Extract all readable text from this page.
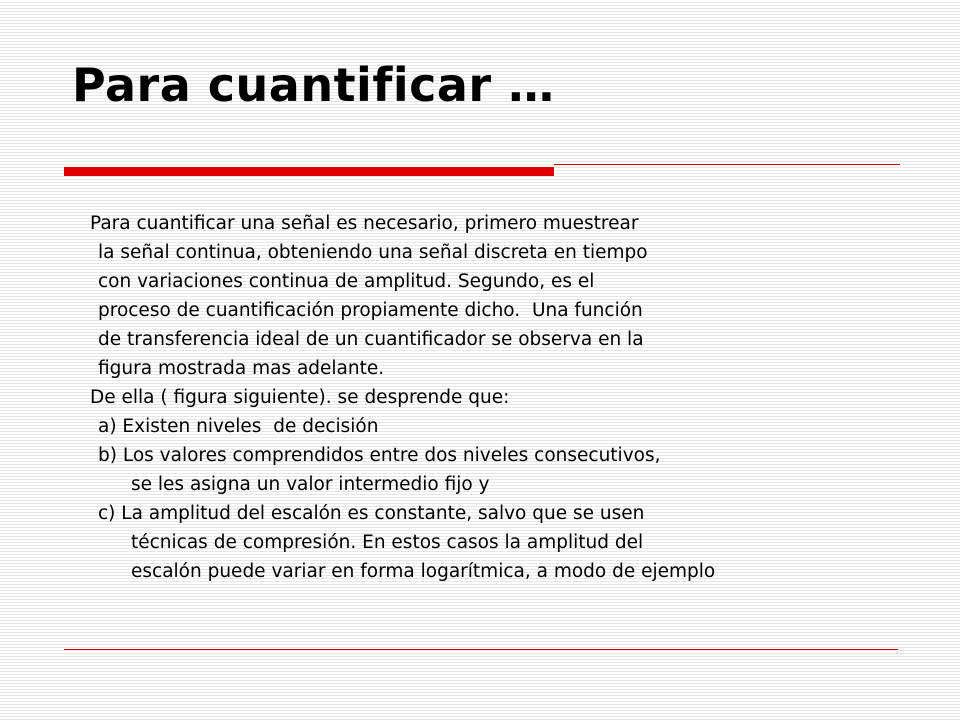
Para cuantificar …
Para cuantificar una señal es necesario, primero muestrear
la señal continua, obteniendo una señal discreta en tiempo
con variaciones continua de amplitud. Segundo, es el
proceso de cuantificación propiamente dicho.  Una función
de transferencia ideal de un cuantificador se observa en la
figura mostrada mas adelante.
De ella ( figura siguiente). se desprende que:
a) Existen niveles  de decisión
b) Los valores comprendidos entre dos niveles consecutivos,
se les asigna un valor intermedio fijo y
c) La amplitud del escalón es constante, salvo que se usen
técnicas de compresión. En estos casos la amplitud del
escalón puede variar en forma logarítmica, a modo de ejemplo
